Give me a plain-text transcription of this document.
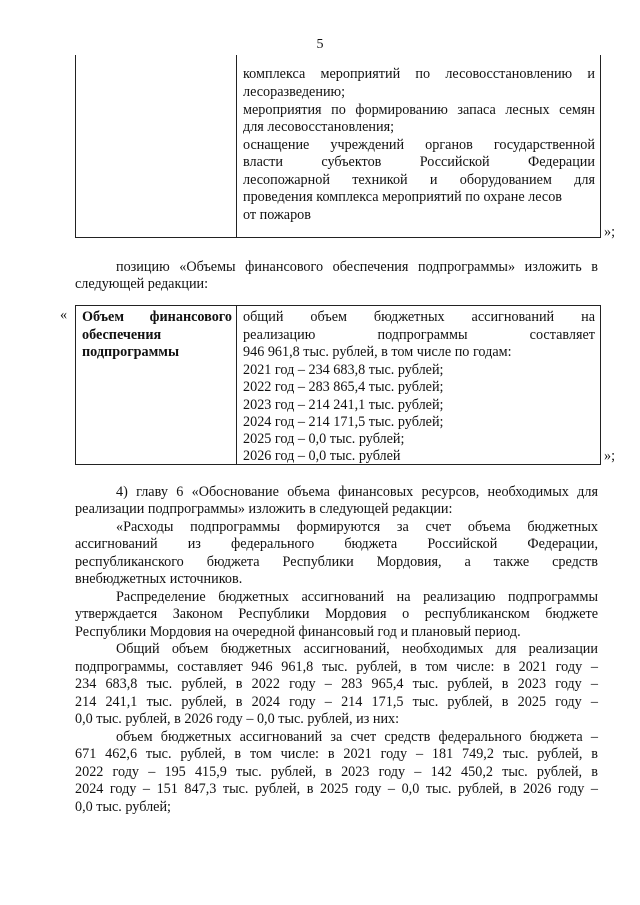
5
комплекса мероприятий по лесовосстановлению и
лесоразведению;
мероприятия по формированию запаса лесных семян
для лесовосстановления;
оснащение учреждений органов государственной
власти субъектов Российской Федерации
лесопожарной техникой и оборудованием для
проведения комплекса мероприятий по охране лесов
от пожаров
»;
позицию «Объемы финансового обеспечения подпрограммы» изложить в
следующей редакции:
« Объем финансового
обеспечения
подпрограммы
общий объем бюджетных ассигнований на
реализацию подпрограммы составляет
946 961,8 тыс. рублей, в том числе по годам:
2021 год – 234 683,8 тыс. рублей;
2022 год – 283 865,4 тыс. рублей;
2023 год – 214 241,1 тыс. рублей;
2024 год – 214 171,5 тыс. рублей;
2025 год – 0,0 тыс. рублей;
2026 год – 0,0 тыс. рублей	»;
4) главу 6 «Обоснование объема финансовых ресурсов, необходимых для
реализации подпрограммы» изложить в следующей редакции:
«Расходы подпрограммы формируются за счет объема бюджетных
ассигнований из федерального бюджета Российской Федерации,
республиканского бюджета Республики Мордовия, а также средств
внебюджетных источников.
Распределение бюджетных ассигнований на реализацию подпрограммы
утверждается Законом Республики Мордовия о республиканском бюджете
Республики Мордовия на очередной финансовый год и плановый период.
Общий объем бюджетных ассигнований, необходимых для реализации
подпрограммы, составляет 946 961,8 тыс. рублей, в том числе: в 2021 году –
234 683,8 тыс. рублей, в 2022 году – 283 965,4 тыс. рублей, в 2023 году –
214 241,1 тыс. рублей, в 2024 году – 214 171,5 тыс. рублей, в 2025 году –
0,0 тыс. рублей, в 2026 году – 0,0 тыс. рублей, из них:
объем бюджетных ассигнований за счет средств федерального бюджета –
671 462,6 тыс. рублей, в том числе: в 2021 году – 181 749,2 тыс. рублей, в
2022 году – 195 415,9 тыс. рублей, в 2023 году – 142 450,2 тыс. рублей, в
2024 году – 151 847,3 тыс. рублей, в 2025 году – 0,0 тыс. рублей, в 2026 году –
0,0 тыс. рублей;
